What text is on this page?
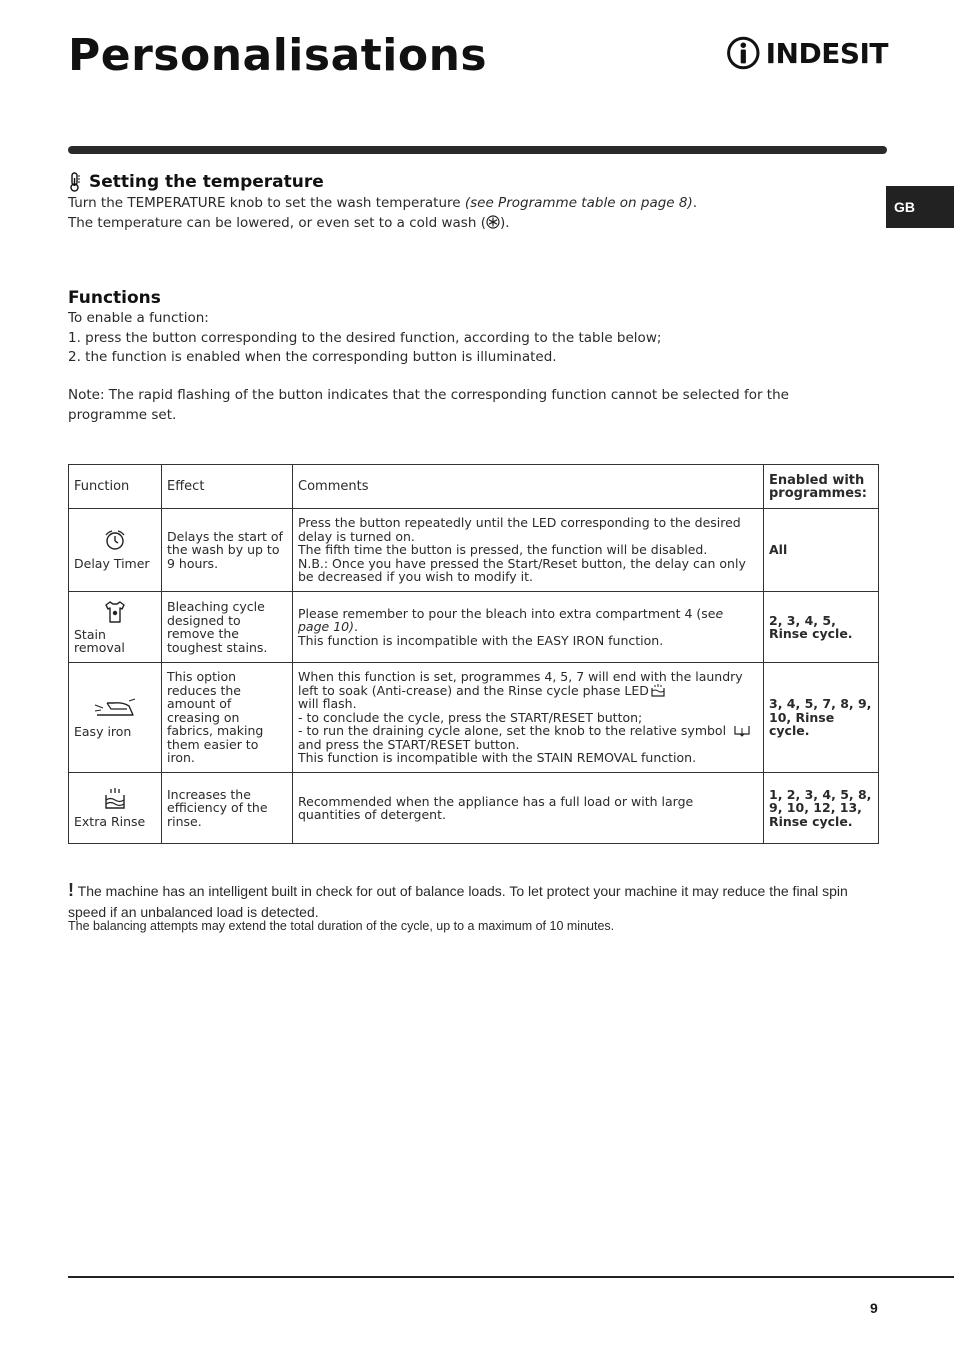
Personalisations	INDESIT
GB
Setting the temperature
Turn the TEMPERATURE knob to set the wash temperature (see Programme table on page 8).
The temperature can be lowered, or even set to a cold wash ( ).
Functions
To enable a function:
1. press the button corresponding to the desired function, according to the table below;
2. the function is enabled when the corresponding button is illuminated.
Note: The rapid flashing of the button indicates that the corresponding function cannot be selected for the programme set.
Function	Effect	Comments	Enabled with programmes:

Delay Timer	Delays the start of the wash by up to 9 hours.	Press the button repeatedly until the LED corresponding to the desired delay is turned on.
The fifth time the button is pressed, the function will be disabled.
N.B.: Once you have pressed the Start/Reset button, the delay can only be decreased if you wish to modify it.	All

Stain removal	Bleaching cycle designed to remove the toughest stains.	Please remember to pour the bleach into extra compartment 4 (see page 10).
This function is incompatible with the EASY IRON function.	2, 3, 4, 5, Rinse cycle.

Easy iron	This option reduces the amount of creasing on fabrics, making them easier to iron.	When this function is set, programmes 4, 5, 7 will end with the laundry left to soak (Anti-crease) and the Rinse cycle phase LED
will flash.
- to conclude the cycle, press the START/RESET button;
- to run the draining cycle alone, set the knob to the relative symbol  and press the START/RESET button.
This function is incompatible with the STAIN REMOVAL function.	3, 4, 5, 7, 8, 9, 10, Rinse cycle.

Extra Rinse	Increases the efficiency of the rinse.	Recommended when the appliance has a full load or with large quantities of detergent.	1, 2, 3, 4, 5, 8, 9, 10, 12, 13, Rinse cycle.
! The machine has an intelligent built in check for out of balance loads. To let protect your machine it may reduce the final spin speed if an unbalanced load is detected.
The balancing attempts may extend the total duration of the cycle, up to a maximum of 10 minutes.
9
